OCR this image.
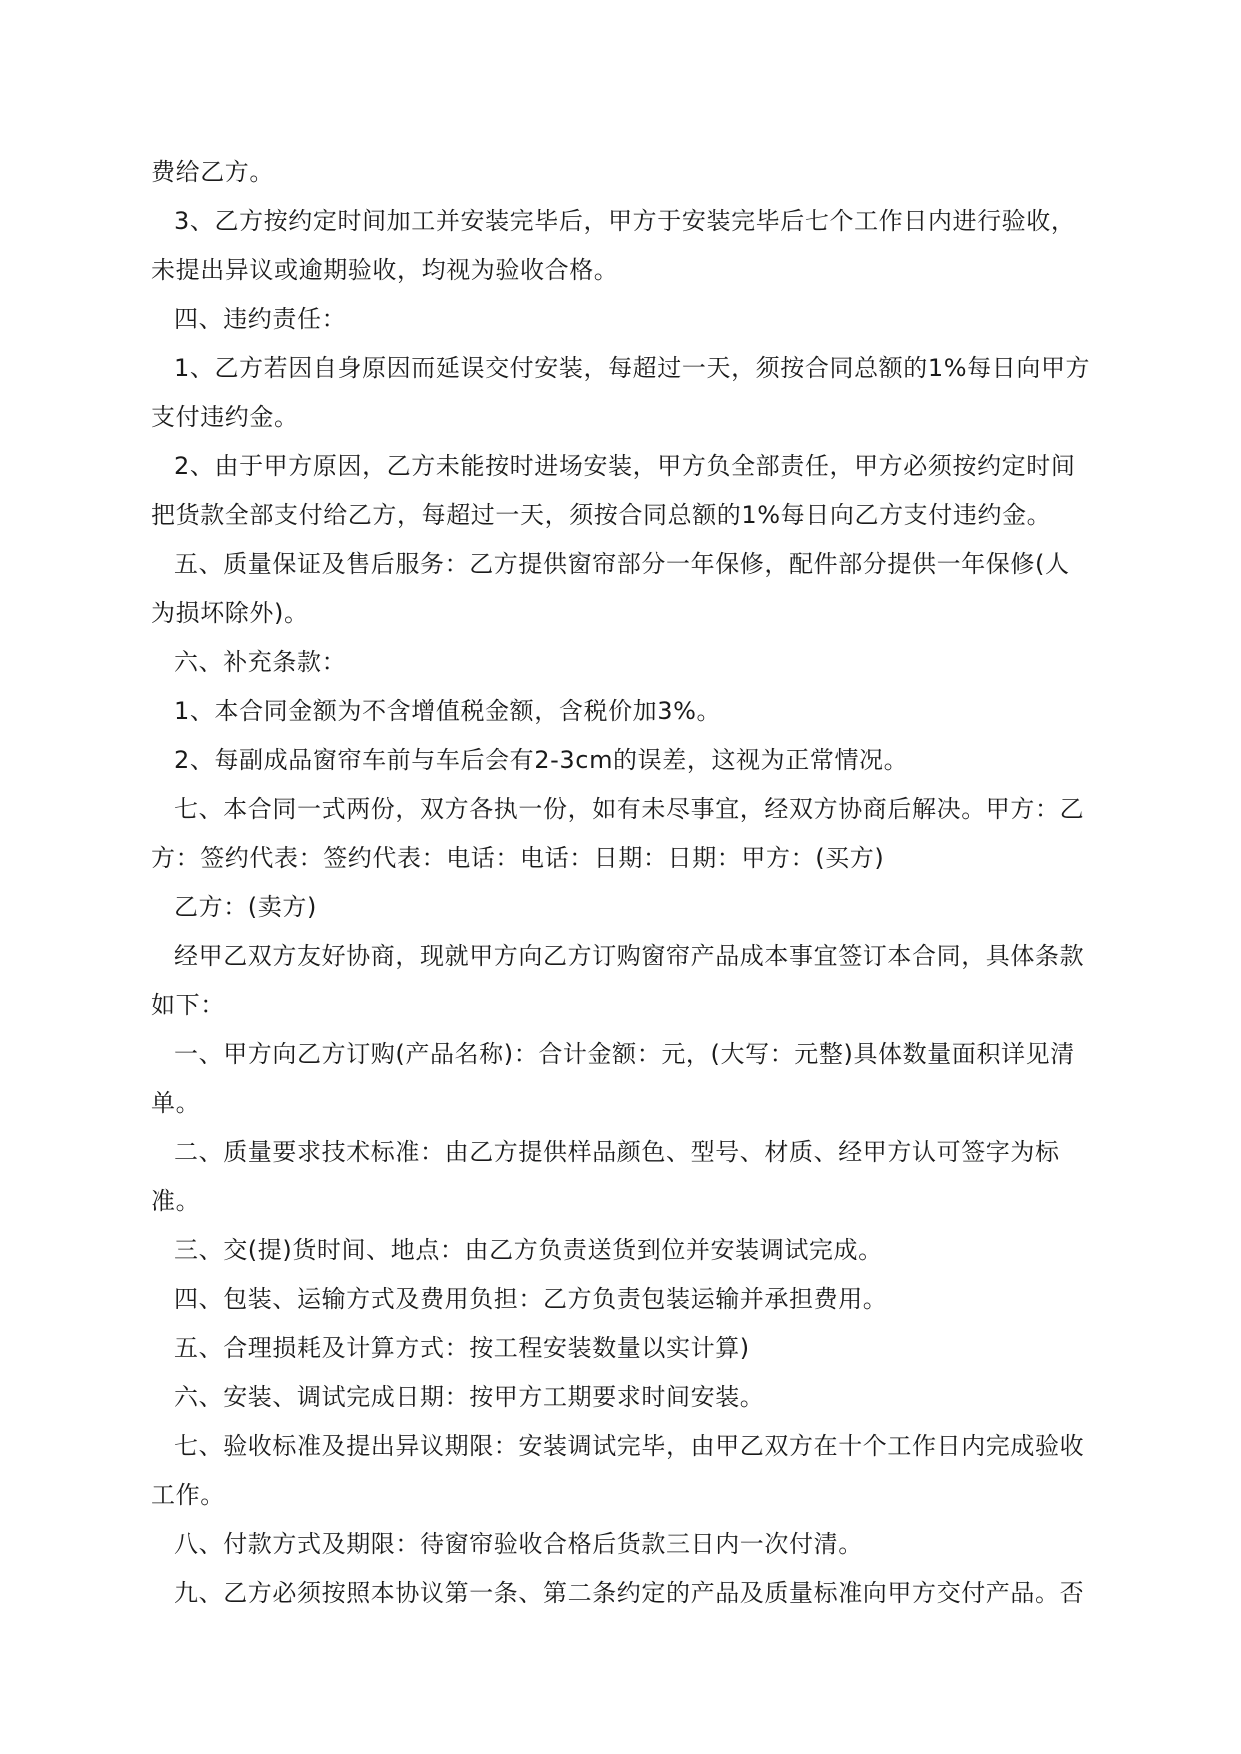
费给乙方。

3、乙方按约定时间加工并安装完毕后，甲方于安装完毕后七个工作日内进行验收，未提出异议或逾期验收，均视为验收合格。

四、违约责任：

1、乙方若因自身原因而延误交付安装，每超过一天，须按合同总额的1%每日向甲方支付违约金。

2、由于甲方原因，乙方未能按时进场安装，甲方负全部责任，甲方必须按约定时间把货款全部支付给乙方，每超过一天，须按合同总额的1%每日向乙方支付违约金。

五、质量保证及售后服务：乙方提供窗帘部分一年保修，配件部分提供一年保修(人为损坏除外)。

六、补充条款：

1、本合同金额为不含增值税金额，含税价加3%。

2、每副成品窗帘车前与车后会有2-3cm的误差，这视为正常情况。

七、本合同一式两份，双方各执一份，如有未尽事宜，经双方协商后解决。甲方：乙方：签约代表：签约代表：电话：电话：日期：日期：甲方：(买方)

乙方：(卖方)

经甲乙双方友好协商，现就甲方向乙方订购窗帘产品成本事宜签订本合同，具体条款如下：

一、甲方向乙方订购(产品名称)：合计金额：元，(大写：元整)具体数量面积详见清单。

二、质量要求技术标准：由乙方提供样品颜色、型号、材质、经甲方认可签字为标准。

三、交(提)货时间、地点：由乙方负责送货到位并安装调试完成。

四、包装、运输方式及费用负担：乙方负责包装运输并承担费用。

五、合理损耗及计算方式：按工程安装数量以实计算)

六、安装、调试完成日期：按甲方工期要求时间安装。

七、验收标准及提出异议期限：安装调试完毕，由甲乙双方在十个工作日内完成验收工作。

八、付款方式及期限：待窗帘验收合格后货款三日内一次付清。

九、乙方必须按照本协议第一条、第二条约定的产品及质量标准向甲方交付产品。否
